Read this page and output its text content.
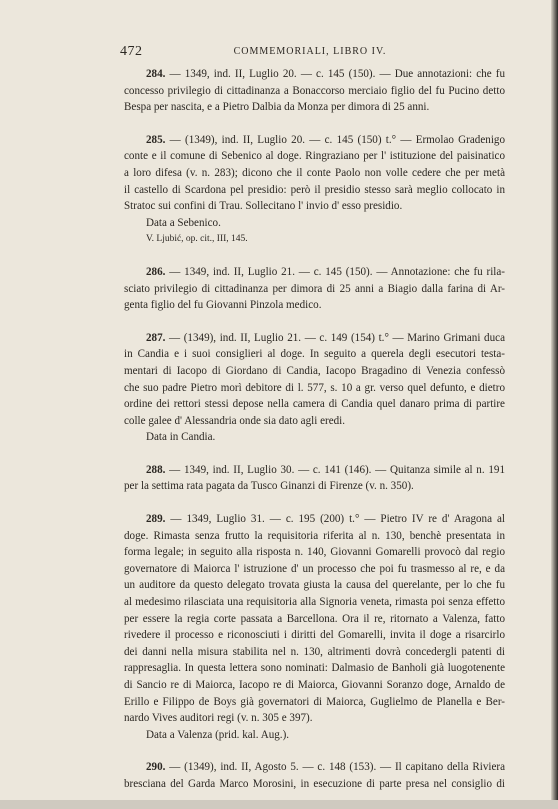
472	COMMEMORIALI, LIBRO IV.
284. — 1349, ind. II, Luglio 20. — c. 145 (150). — Due annotazioni: che fu
concesso privilegio di cittadinanza a Bonaccorso merciaio figlio del fu Pucino detto
Bespa per nascita, e a Pietro Dalbia da Monza per dimora di 25 anni.
285. — (1349), ind. II, Luglio 20. — c. 145 (150) t.° — Ermolao Gradenigo
conte e il comune di Sebenico al doge. Ringraziano per l' istituzione del paisinatico
a loro difesa (v. n. 283); dicono che il conte Paolo non volle cedere che per metà
il castello di Scardona pel presidio: però il presidio stesso sarà meglio collocato in
Stratoc sui confini di Trau. Sollecitano l' invio d' esso presidio.
Data a Sebenico.
V. Ljubić, op. cit., III, 145.
286. — 1349, ind. II, Luglio 21. — c. 145 (150). — Annotazione: che fu rila-
sciato privilegio di cittadinanza per dimora di 25 anni a Biagio dalla farina di Ar-
genta figlio del fu Giovanni Pinzola medico.
287. — (1349), ind. II, Luglio 21. — c. 149 (154) t.° — Marino Grimani duca
in Candia e i suoi consiglieri al doge. In seguito a querela degli esecutori testa-
mentari di Iacopo di Giordano di Candia, Iacopo Bragadino di Venezia confessò
che suo padre Pietro morì debitore di l. 577, s. 10 a gr. verso quel defunto, e dietro
ordine dei rettori stessi depose nella camera di Candia quel danaro prima di partire
colle galee d' Alessandria onde sia dato agli eredi.
Data in Candia.
288. — 1349, ind. II, Luglio 30. — c. 141 (146). — Quitanza simile al n. 191
per la settima rata pagata da Tusco Ginanzi di Firenze (v. n. 350).
289. — 1349, Luglio 31. — c. 195 (200) t.° — Pietro IV re d' Aragona al
doge. Rimasta senza frutto la requisitoria riferita al n. 130, benchè presentata in
forma legale; in seguito alla risposta n. 140, Giovanni Gomarelli provocò dal regio
governatore di Maiorca l' istruzione d' un processo che poi fu trasmesso al re, e da
un auditore da questo delegato trovata giusta la causa del querelante, per lo che fu
al medesimo rilasciata una requisitoria alla Signoria veneta, rimasta poi senza effetto
per essere la regia corte passata a Barcellona. Ora il re, ritornato a Valenza, fatto
rivedere il processo e riconosciuti i diritti del Gomarelli, invita il doge a risarcirlo
dei danni nella misura stabilita nel n. 130, altrimenti dovrà concedergli patenti di
rappresaglia. In questa lettera sono nominati: Dalmasio de Banholi già luogotenente
di Sancio re di Maiorca, Iacopo re di Maiorca, Giovanni Soranzo doge, Arnaldo de
Erillo e Filippo de Boys già governatori di Maiorca, Guglielmo de Planella e Ber-
nardo Vives auditori regi (v. n. 305 e 397).
Data a Valenza (prid. kal. Aug.).
290. — (1349), ind. II, Agosto 5. — c. 148 (153). — Il capitano della Riviera
bresciana del Garda Marco Morosini, in esecuzione di parte presa nel consiglio di
